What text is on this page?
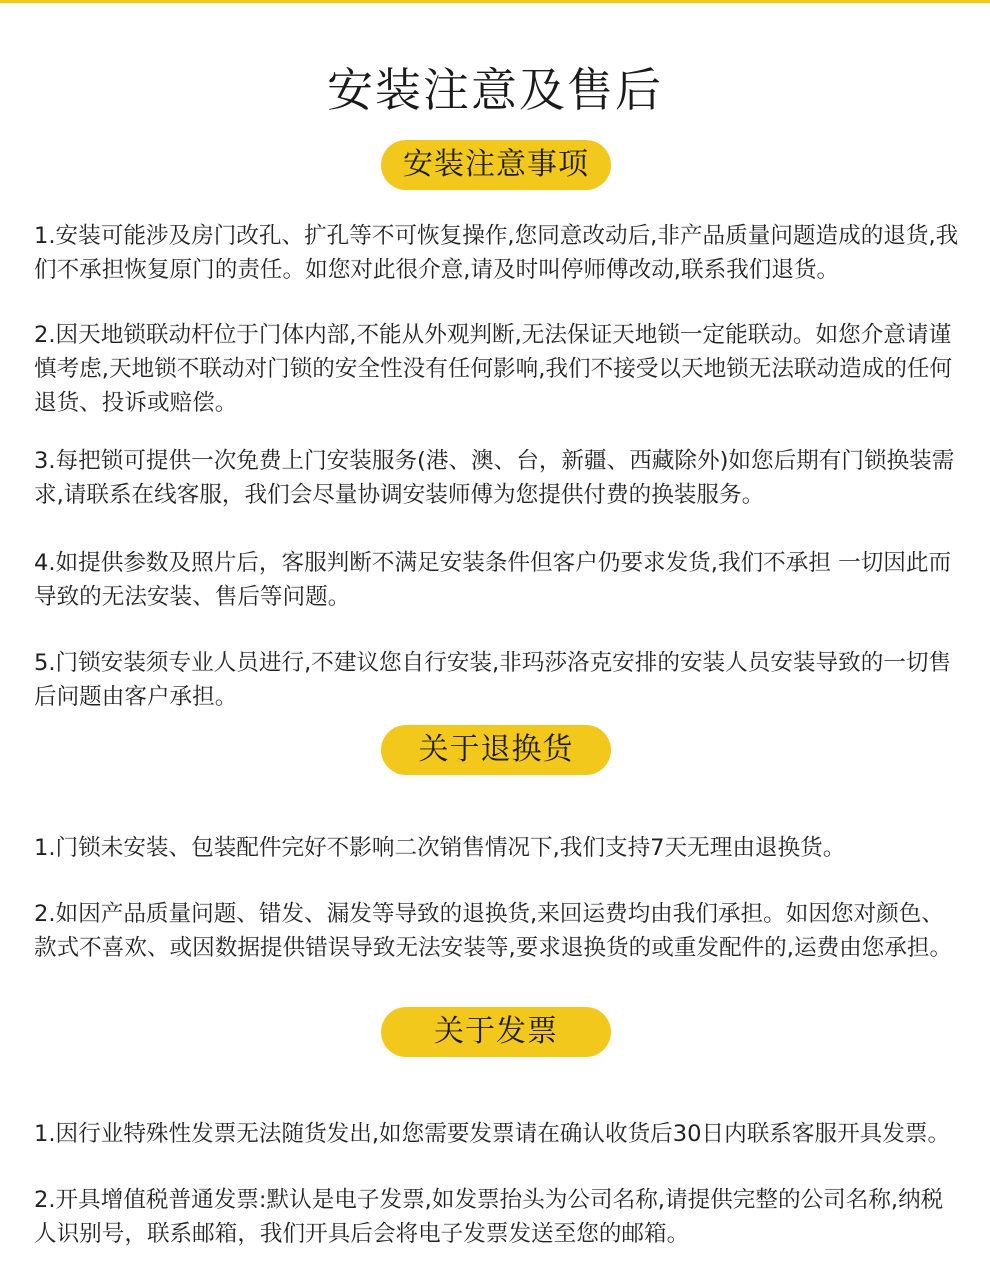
安装注意及售后
安装注意事项

1.安装可能涉及房门改孔、扩孔等不可恢复操作,您同意改动后,非产品质量问题造成的退货,我们不承担恢复原门的责任。如您对此很介意,请及时叫停师傅改动,联系我们退货。

2.因天地锁联动杆位于门体内部,不能从外观判断,无法保证天地锁一定能联动。如您介意请谨慎考虑,天地锁不联动对门锁的安全性没有任何影响,我们不接受以天地锁无法联动造成的任何退货、投诉或赔偿。

3.每把锁可提供一次免费上门安装服务(港、澳、台，新疆、西藏除外)如您后期有门锁换装需求,请联系在线客服，我们会尽量协调安装师傅为您提供付费的换装服务。

4.如提供参数及照片后，客服判断不满足安装条件但客户仍要求发货,我们不承担 一切因此而导致的无法安装、售后等问题。

5.门锁安装须专业人员进行,不建议您自行安装,非玛莎洛克安排的安装人员安装导致的一切售后问题由客户承担。

关于退换货

1.门锁未安装、包装配件完好不影响二次销售情况下,我们支持7天无理由退换货。

2.如因产品质量问题、错发、漏发等导致的退换货,来回运费均由我们承担。如因您对颜色、款式不喜欢、或因数据提供错误导致无法安装等,要求退换货的或重发配件的,运费由您承担。

关于发票

1.因行业特殊性发票无法随货发出,如您需要发票请在确认收货后30日内联系客服开具发票。

2.开具增值税普通发票:默认是电子发票,如发票抬头为公司名称,请提供完整的公司名称,纳税人识别号，联系邮箱，我们开具后会将电子发票发送至您的邮箱。
